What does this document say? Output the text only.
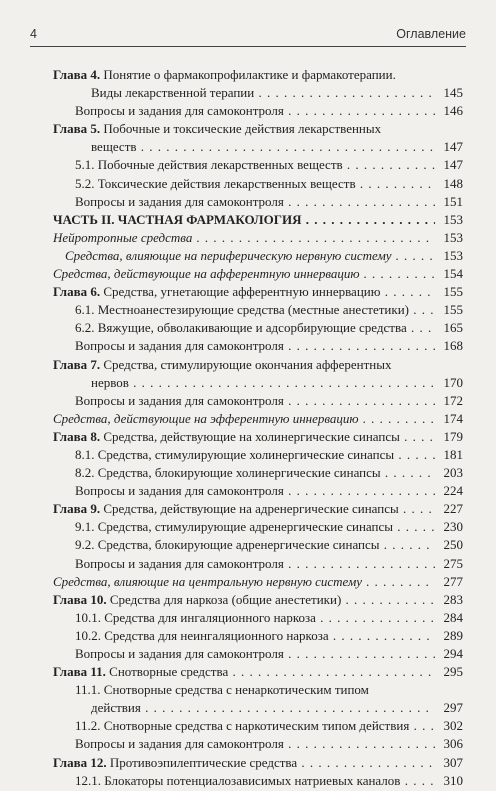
4	Оглавление
Глава 4. Понятие о фармакопрофилактике и фармакотерапии.
Виды лекарственной терапии . . .	145
Вопросы и задания для самоконтроля . . .	146
Глава 5. Побочные и токсические действия лекарственных
веществ . . .	147
5.1. Побочные действия лекарственных веществ . . .	147
5.2. Токсические действия лекарственных веществ . . .	148
Вопросы и задания для самоконтроля . . .	151
ЧАСТЬ II. ЧАСТНАЯ ФАРМАКОЛОГИЯ . . .	153
Нейротропные средства . . .	153
Средства, влияющие на периферическую нервную систему . . .	153
Средства, действующие на афферентную иннервацию . . .	154
Глава 6. Средства, угнетающие афферентную иннервацию . . .	155
6.1. Местноанестезирующие средства (местные анестетики) . . .	155
6.2. Вяжущие, обволакивающие и адсорбирующие средства . . .	165
Вопросы и задания для самоконтроля . . .	168
Глава 7. Средства, стимулирующие окончания афферентных
нервов . . .	170
Вопросы и задания для самоконтроля . . .	172
Средства, действующие на эфферентную иннервацию . . .	174
Глава 8. Средства, действующие на холинергические синапсы . . .	179
8.1. Средства, стимулирующие холинергические синапсы . . .	181
8.2. Средства, блокирующие холинергические синапсы . . .	203
Вопросы и задания для самоконтроля . . .	224
Глава 9. Средства, действующие на адренергические синапсы . . .	227
9.1. Средства, стимулирующие адренергические синапсы . . .	230
9.2. Средства, блокирующие адренергические синапсы . . .	250
Вопросы и задания для самоконтроля . . .	275
Средства, влияющие на центральную нервную систему . . .	277
Глава 10. Средства для наркоза (общие анестетики) . . .	283
10.1. Средства для ингаляционного наркоза . . .	284
10.2. Средства для неингаляционного наркоза . . .	289
Вопросы и задания для самоконтроля . . .	294
Глава 11. Снотворные средства . . .	295
11.1. Снотворные средства с ненаркотическим типом
действия . . .	297
11.2. Снотворные средства с наркотическим типом действия . . .	302
Вопросы и задания для самоконтроля . . .	306
Глава 12. Противоэпилептические средства . . .	307
12.1. Блокаторы потенциалозависимых натриевых каналов . . .	310
